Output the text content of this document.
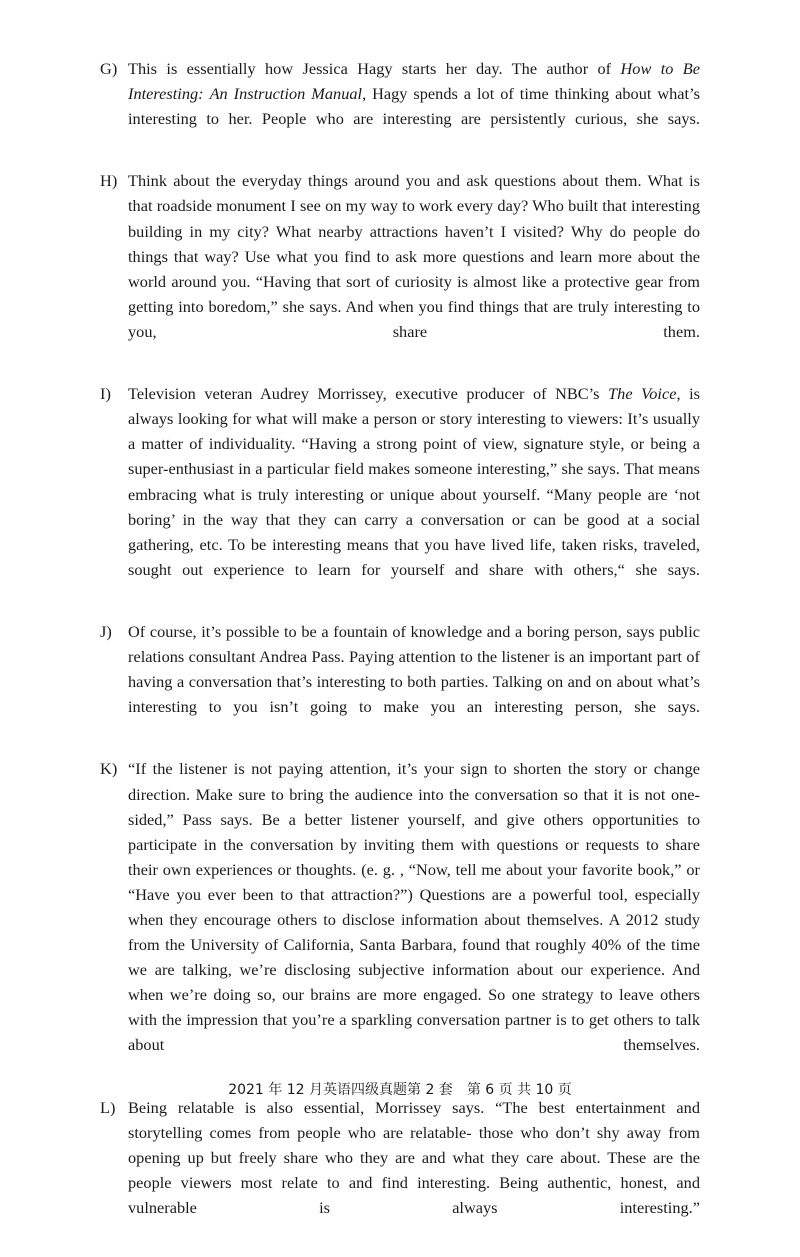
G) This is essentially how Jessica Hagy starts her day. The author of How to Be Interesting: An Instruction Manual, Hagy spends a lot of time thinking about what’s interesting to her. People who are interesting are persistently curious, she says.
H) Think about the everyday things around you and ask questions about them. What is that roadside monument I see on my way to work every day? Who built that interesting building in my city? What nearby attractions haven’t I visited? Why do people do things that way? Use what you find to ask more questions and learn more about the world around you. “Having that sort of curiosity is almost like a protective gear from getting into boredom,” she says. And when you find things that are truly interesting to you, share them.
I)	Television veteran Audrey Morrissey, executive producer of NBC’s The Voice, is always looking for what will make a person or story interesting to viewers: It’s usually a matter of individuality. “Having a strong point of view, signature style, or being a super-enthusiast in a particular field makes someone interesting,” she says. That means embracing what is truly interesting or unique about yourself. “Many people are ‘not boring’ in the way that they can carry a conversation or can be good at a social gathering, etc. To be interesting means that you have lived life, taken risks, traveled, sought out experience to learn for yourself and share with others,“ she says.
J) Of course, it’s possible to be a fountain of knowledge and a boring person, says public relations consultant Andrea Pass. Paying attention to the listener is an important part of having a conversation that’s interesting to both parties. Talking on and on about what’s interesting to you isn’t going to make you an interesting person, she says.
K) “If the listener is not paying attention, it’s your sign to shorten the story or change direction. Make sure to bring the audience into the conversation so that it is not one-sided,” Pass says. Be a better listener yourself, and give others opportunities to participate in the conversation by inviting them with questions or requests to share their own experiences or thoughts. (e. g. , “Now, tell me about your favorite book,” or “Have you ever been to that attraction?”) Questions are a powerful tool, especially when they encourage others to disclose information about themselves. A 2012 study from the University of California, Santa Barbara, found that roughly 40% of the time we are talking, we’re disclosing subjective information about our experience. And when we’re doing so, our brains are more engaged. So one strategy to leave others with the impression that you’re a sparkling conversation partner is to get others to talk about themselves.
L) Being relatable is also essential, Morrissey says. “The best entertainment and storytelling comes from people who are relatable- those who don’t shy away from opening up but freely share who they are and what they care about. These are the people viewers most relate to and find interesting. Being authentic, honest, and vulnerable is always interesting.”
2021 年 12 月英语四级真题第 2 套 第 6 页 共 10 页
